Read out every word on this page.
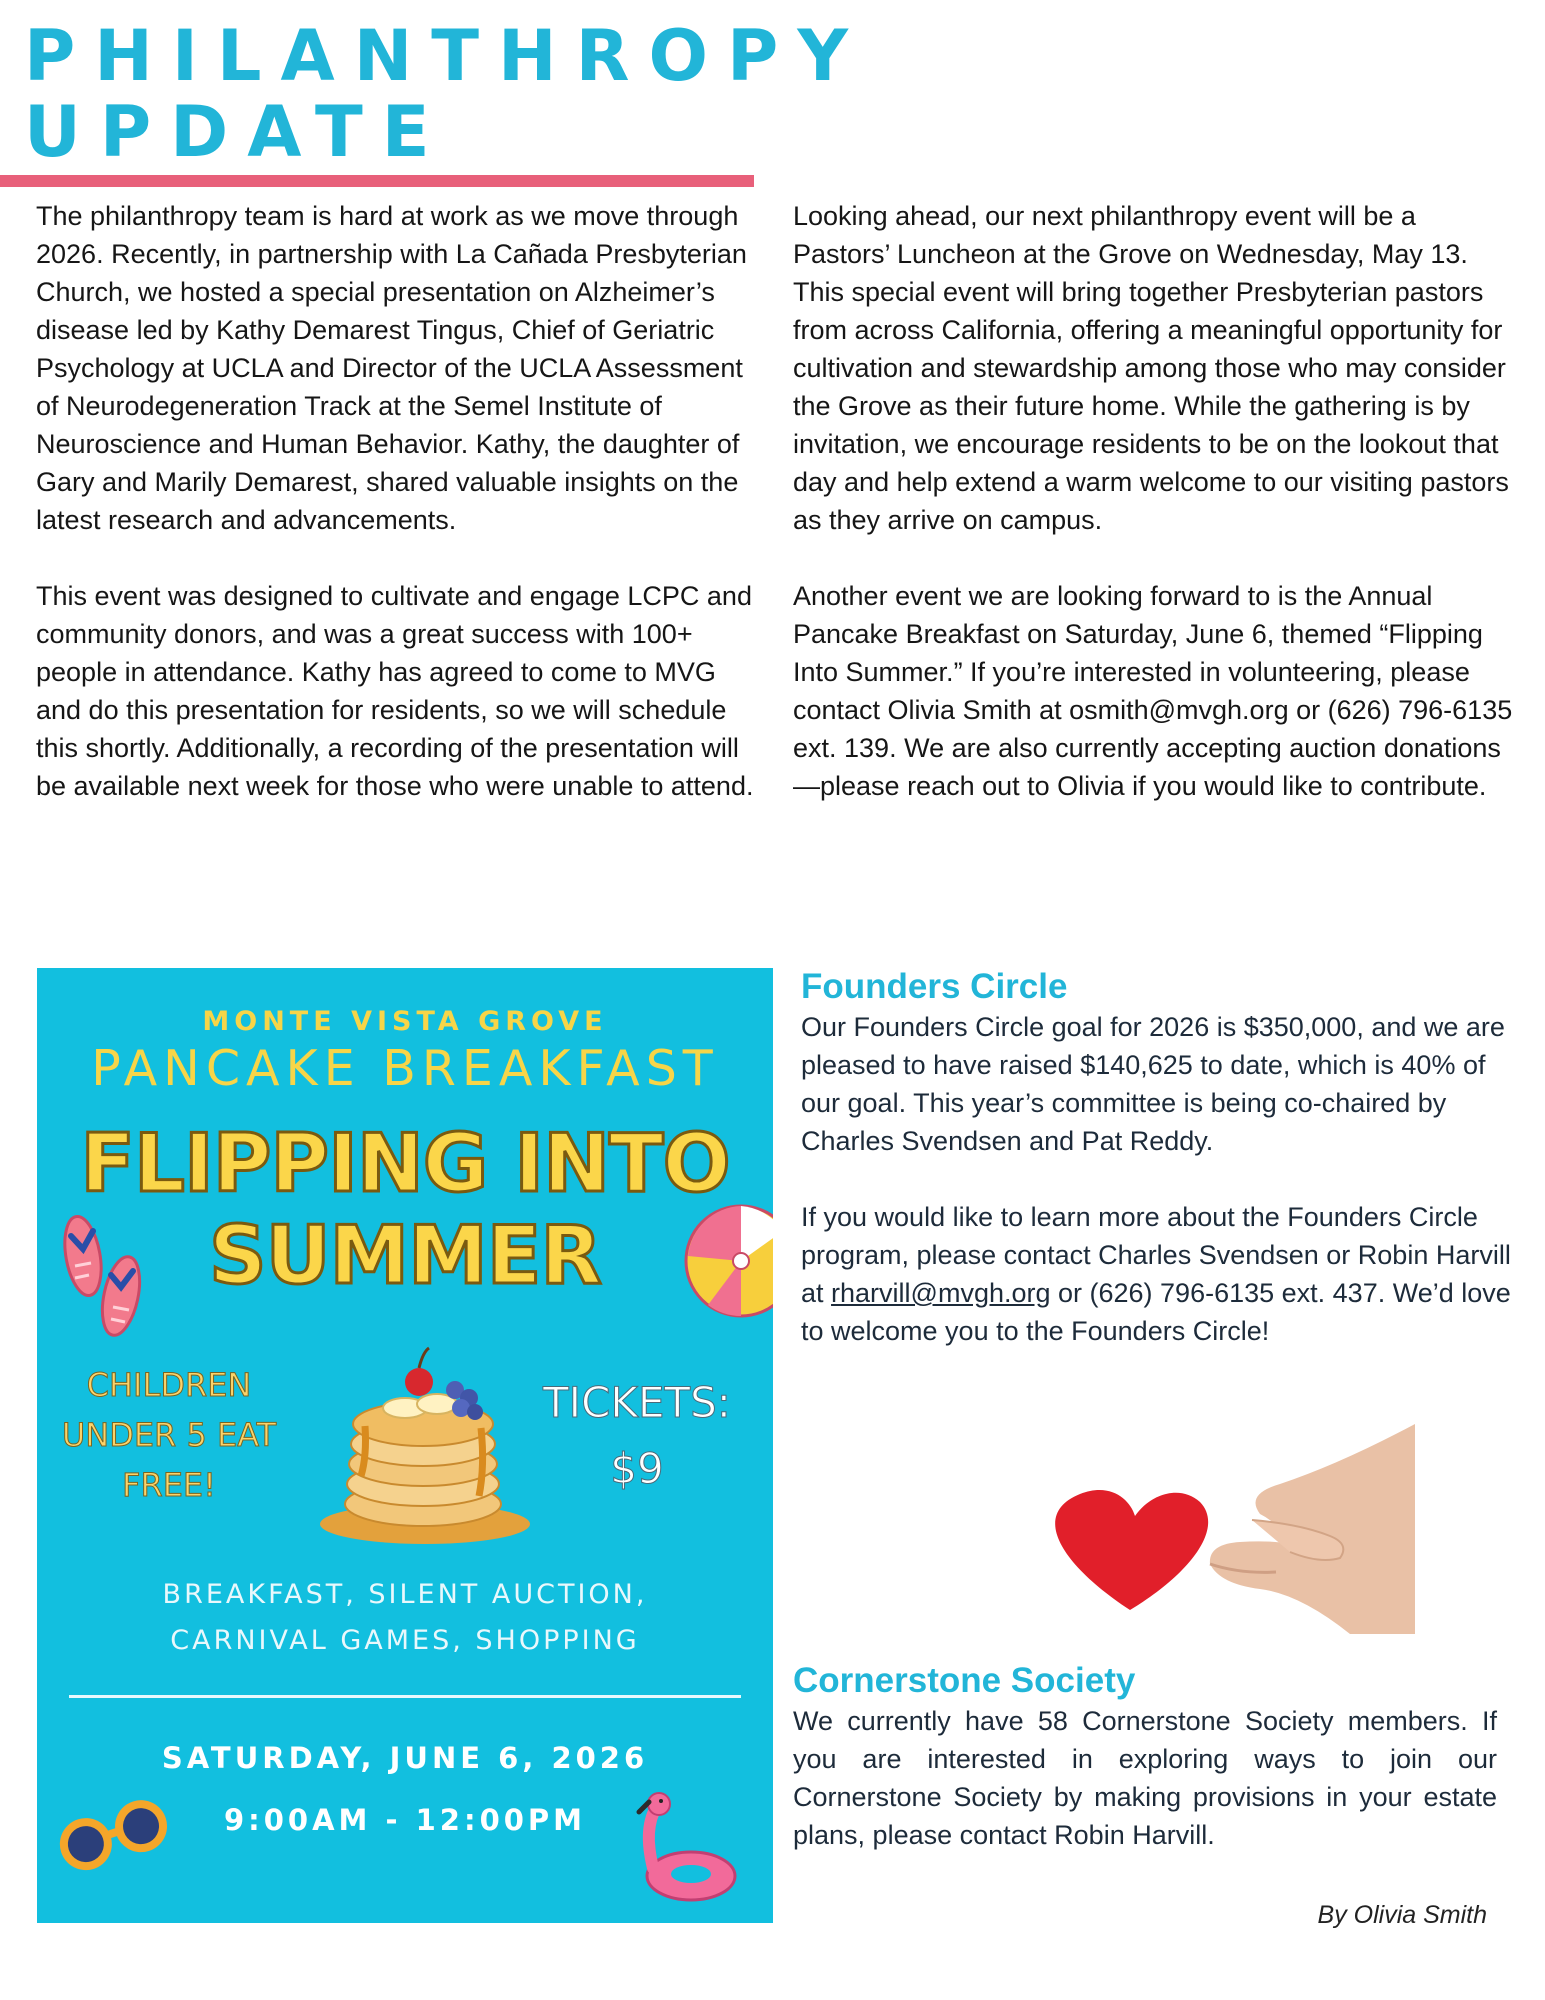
PHILANTHROPY
UPDATE

The philanthropy team is hard at work as we move through 2026. Recently, in partnership with La Cañada Presbyterian Church, we hosted a special presentation on Alzheimer’s disease led by Kathy Demarest Tingus, Chief of Geriatric Psychology at UCLA and Director of the UCLA Assessment of Neurodegeneration Track at the Semel Institute of Neuroscience and Human Behavior. Kathy, the daughter of Gary and Marily Demarest, shared valuable insights on the latest research and advancements.

This event was designed to cultivate and engage LCPC and community donors, and was a great success with 100+ people in attendance. Kathy has agreed to come to MVG and do this presentation for residents, so we will schedule this shortly. Additionally, a recording of the presentation will be available next week for those who were unable to attend.

Looking ahead, our next philanthropy event will be a Pastors’ Luncheon at the Grove on Wednesday, May 13. This special event will bring together Presbyterian pastors from across California, offering a meaningful opportunity for cultivation and stewardship among those who may consider the Grove as their future home. While the gathering is by invitation, we encourage residents to be on the lookout that day and help extend a warm welcome to our visiting pastors as they arrive on campus.

Another event we are looking forward to is the Annual Pancake Breakfast on Saturday, June 6, themed “Flipping Into Summer.” If you’re interested in volunteering, please contact Olivia Smith at osmith@mvgh.org or (626) 796-6135 ext. 139. We are also currently accepting auction donations—please reach out to Olivia if you would like to contribute.

MONTE VISTA GROVE
PANCAKE BREAKFAST
FLIPPING INTO
SUMMER
CHILDREN
UNDER 5 EAT
FREE!
TICKETS:
$9
BREAKFAST, SILENT AUCTION,
CARNIVAL GAMES, SHOPPING
SATURDAY, JUNE 6, 2026
9:00AM - 12:00PM
Founders Circle

Our Founders Circle goal for 2026 is $350,000, and we are pleased to have raised $140,625 to date, which is 40% of our goal. This year’s committee is being co-chaired by Charles Svendsen and Pat Reddy.

If you would like to learn more about the Founders Circle program, please contact Charles Svendsen or Robin Harvill at rharvill@mvgh.org or (626) 796-6135 ext. 437. We’d love to welcome you to the Founders Circle!

Cornerstone Society

We currently have 58 Cornerstone Society members. If you are interested in exploring ways to join our Cornerstone Society by making provisions in your estate plans, please contact Robin Harvill.

By Olivia Smith
